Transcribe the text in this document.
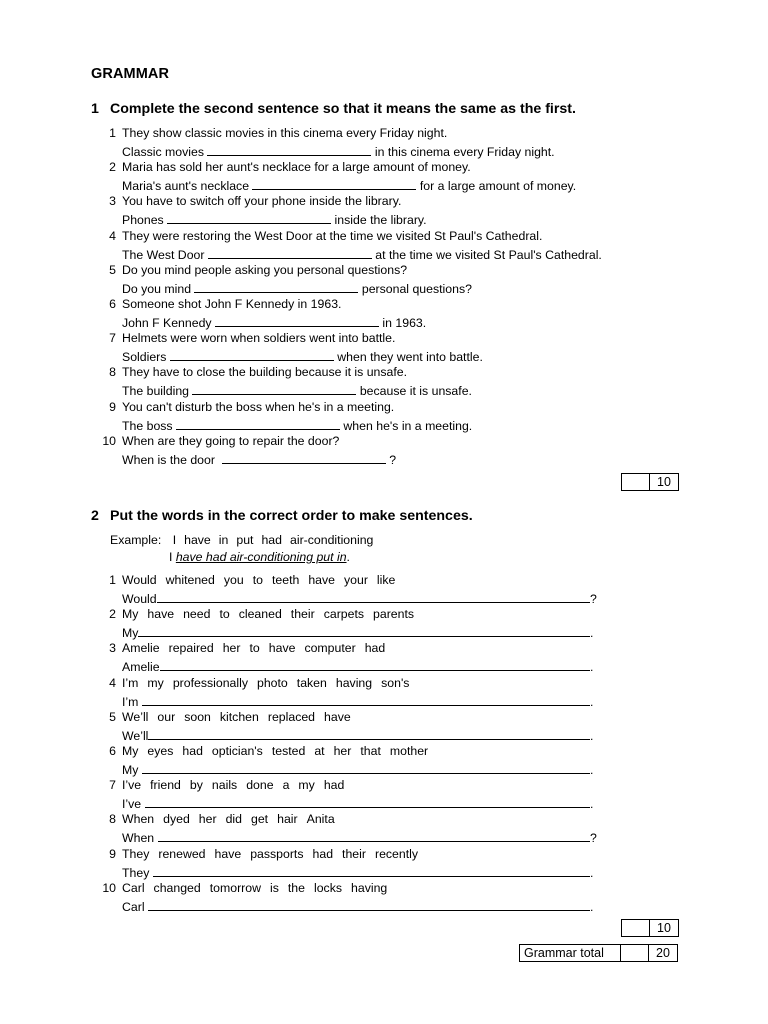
GRAMMAR
1 Complete the second sentence so that it means the same as the first.
1 They show classic movies in this cinema every Friday night.
Classic movies	in this cinema every Friday night.
2 Maria has sold her aunt's necklace for a large amount of money.
Maria's aunt's necklace	for a large amount of money.
3 You have to switch off your phone inside the library.
Phones	inside the library.
4 They were restoring the West Door at the time we visited St Paul's Cathedral.
The West Door	at the time we visited St Paul's Cathedral.
5 Do you mind people asking you personal questions?
Do you mind	personal questions?
6 Someone shot John F Kennedy in 1963.
John F Kennedy	in 1963.
7 Helmets were worn when soldiers went into battle.
Soldiers	when they went into battle.
8 They have to close the building because it is unsafe.
The building	because it is unsafe.
9 You can't disturb the boss when he's in a meeting.
The boss	when he's in a meeting.
10 When are they going to repair the door?
When is the door	?
	10
2 Put the words in the correct order to make sentences.
Example: I have in put had air-conditioning
I have had air-conditioning put in.
1 Would whitened you to teeth have your like
Would	?
2 My have need to cleaned their carpets parents
My	.
3 Amelie repaired her to have computer had
Amelie	.
4 I’m my professionally photo taken having son's
I’m	.
5 We’ll our soon kitchen replaced have
We’ll	.
6 My eyes had optician's tested at her that mother
My	.
7 I’ve friend by nails done a my had
I’ve	.
8 When dyed her did get hair Anita
When	?
9 They renewed have passports had their recently
They	.
10 Carl changed tomorrow is the locks having
Carl	.
	10
Grammar total		20
